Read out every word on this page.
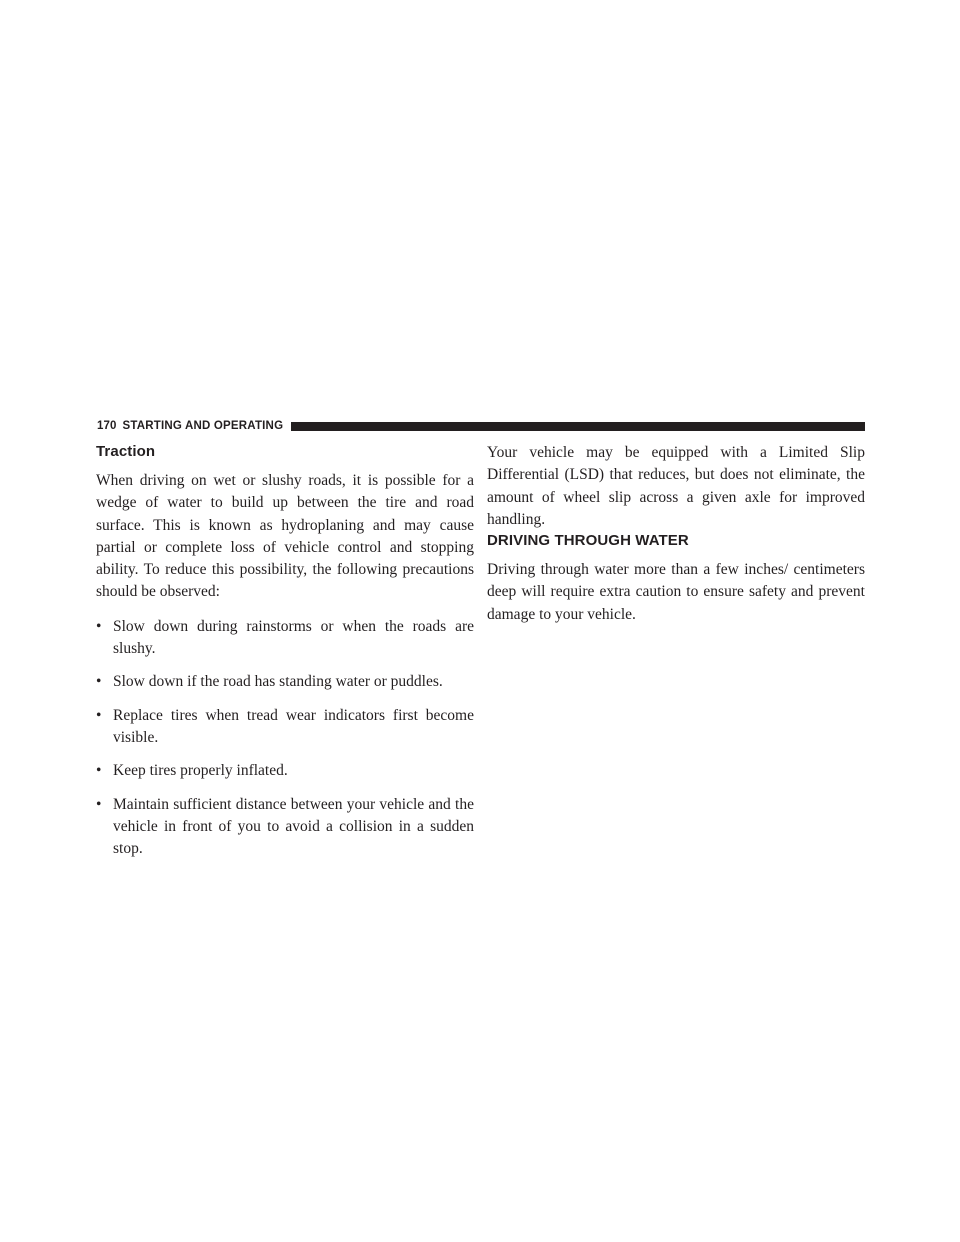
170 STARTING AND OPERATING
Traction

When driving on wet or slushy roads, it is possible for a wedge of water to build up between the tire and road surface. This is known as hydroplaning and may cause partial or complete loss of vehicle control and stopping ability. To reduce this possibility, the following precautions should be observed:

• Slow down during rainstorms or when the roads are slushy.
• Slow down if the road has standing water or puddles.
• Replace tires when tread wear indicators first become visible.
• Keep tires properly inflated.
• Maintain sufficient distance between your vehicle and the vehicle in front of you to avoid a collision in a sudden stop.

Your vehicle may be equipped with a Limited Slip Differential (LSD) that reduces, but does not eliminate, the amount of wheel slip across a given axle for improved handling.

DRIVING THROUGH WATER

Driving through water more than a few inches/ centimeters deep will require extra caution to ensure safety and prevent damage to your vehicle.
